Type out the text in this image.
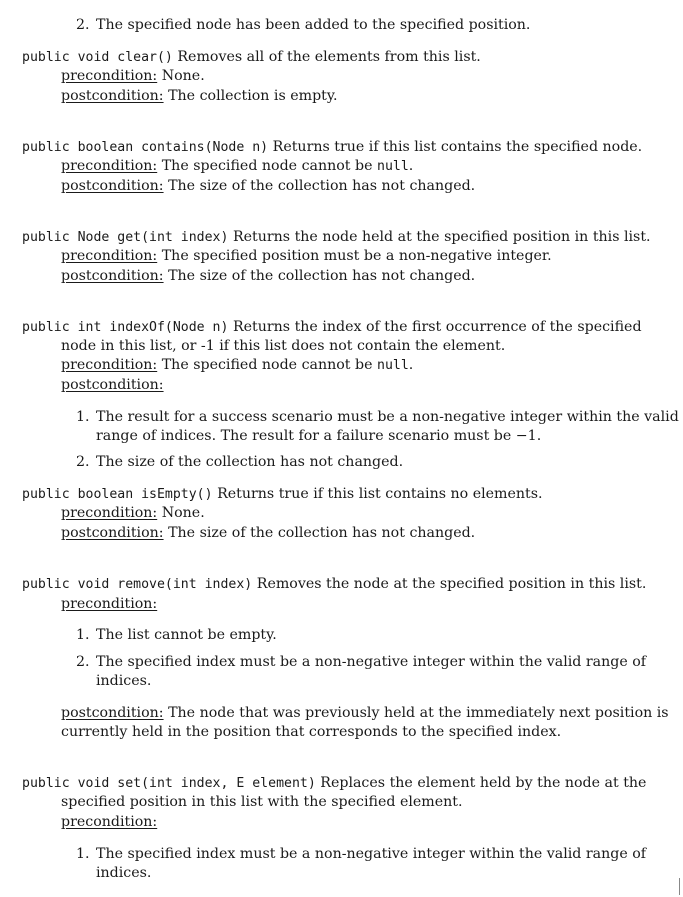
2. The specified node has been added to the specified position.
public void clear() Removes all of the elements from this list.
precondition: None.
postcondition: The collection is empty.
public boolean contains(Node n) Returns true if this list contains the specified node.
precondition: The specified node cannot be null.
postcondition: The size of the collection has not changed.
public Node get(int index) Returns the node held at the specified position in this list.
precondition: The specified position must be a non-negative integer.
postcondition: The size of the collection has not changed.
public int indexOf(Node n) Returns the index of the first occurrence of the specified
node in this list, or -1 if this list does not contain the element.
precondition: The specified node cannot be null.
postcondition:
1. The result for a success scenario must be a non-negative integer within the valid
range of indices. The result for a failure scenario must be −1.
2. The size of the collection has not changed.
public boolean isEmpty() Returns true if this list contains no elements.
precondition: None.
postcondition: The size of the collection has not changed.
public void remove(int index) Removes the node at the specified position in this list.
precondition:
1. The list cannot be empty.
2. The specified index must be a non-negative integer within the valid range of
indices.
postcondition: The node that was previously held at the immediately next position is
currently held in the position that corresponds to the specified index.
public void set(int index, E element) Replaces the element held by the node at the
specified position in this list with the specified element.
precondition:
1. The specified index must be a non-negative integer within the valid range of
indices.
